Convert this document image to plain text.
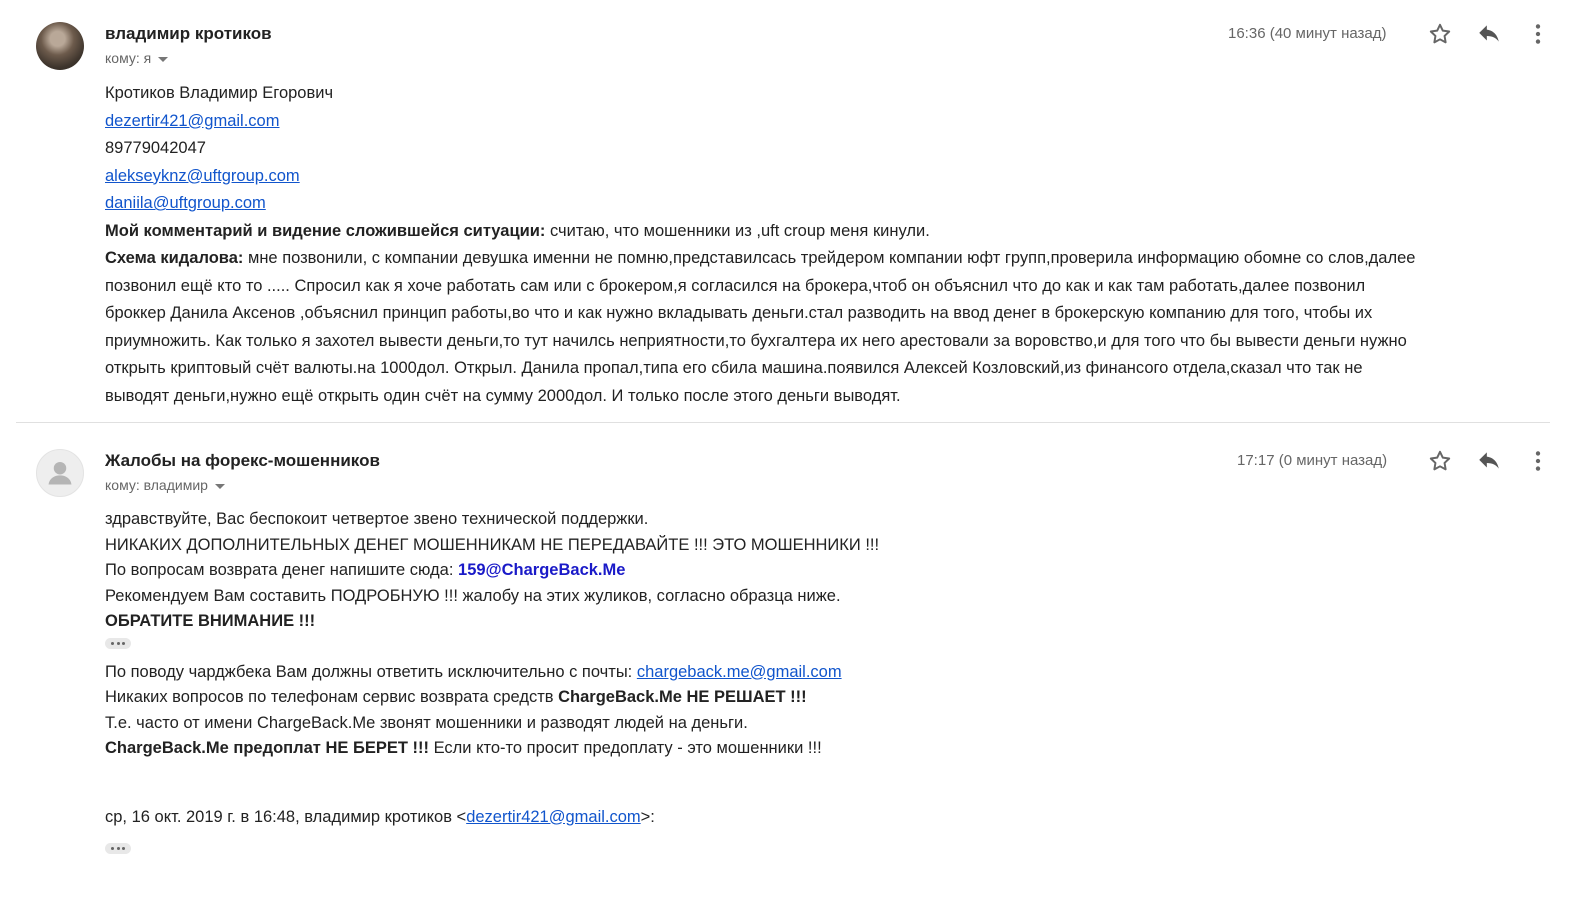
владимир кротиков
кому: я
16:36 (40 минут назад)
Кротиков Владимир Егорович
dezertir421@gmail.com
89779042047
alekseyknz@uftgroup.com
daniila@uftgroup.com
Мой комментарий и видение сложившейся ситуации: считаю, что мошенники из ,uft croup меня кинули.
Схема кидалова: мне позвонили, с компании девушка именни не помню,представилсась трейдером компании юфт групп,проверила информацию обомне со слов,далее
позвонил ещё кто то ..... Спросил как я хоче работать сам или с брокером,я согласился на брокера,чтоб он объяснил что до как и как там работать,далее позвонил
броккер Данила Аксенов ,объяснил принцип работы,во что и как нужно вкладывать деньги.стал разводить на ввод денег в брокерскую компанию для того, чтобы их
приумножить. Как только я захотел вывести деньги,то тут начилсь неприятности,то бухгалтера их него арестовали за воровство,и для того что бы вывести деньги нужно
открыть криптовый счёт валюты.на 1000дол. Открыл. Данила пропал,типа его сбила машина.появился Алексей Козловский,из финансого отдела,сказал что так не
выводят деньги,нужно ещё открыть один счёт на сумму 2000дол. И только после этого деньги выводят.
Жалобы на форекс-мошенников
кому: владимир
17:17 (0 минут назад)
здравствуйте, Вас беспокоит четвертое звено технической поддержки.
НИКАКИХ ДОПОЛНИТЕЛЬНЫХ ДЕНЕГ МОШЕННИКАМ НЕ ПЕРЕДАВАЙТЕ !!! ЭТО МОШЕННИКИ !!!
По вопросам возврата денег напишите сюда: 159@ChargeBack.Me
Рекомендуем Вам составить ПОДРОБНУЮ !!! жалобу на этих жуликов, согласно образца ниже.
ОБРАТИТЕ ВНИМАНИЕ !!!
По поводу чарджбека Вам должны ответить исключительно с почты: chargeback.me@gmail.com
Никаких вопросов по телефонам сервис возврата средств ChargeBack.Me НЕ РЕШАЕТ !!!
Т.е. часто от имени ChargeBack.Me звонят мошенники и разводят людей на деньги.
ChargeBack.Me предоплат НЕ БЕРЕТ !!! Если кто-то просит предоплату - это мошенники !!!
ср, 16 окт. 2019 г. в 16:48, владимир кротиков <dezertir421@gmail.com>:
